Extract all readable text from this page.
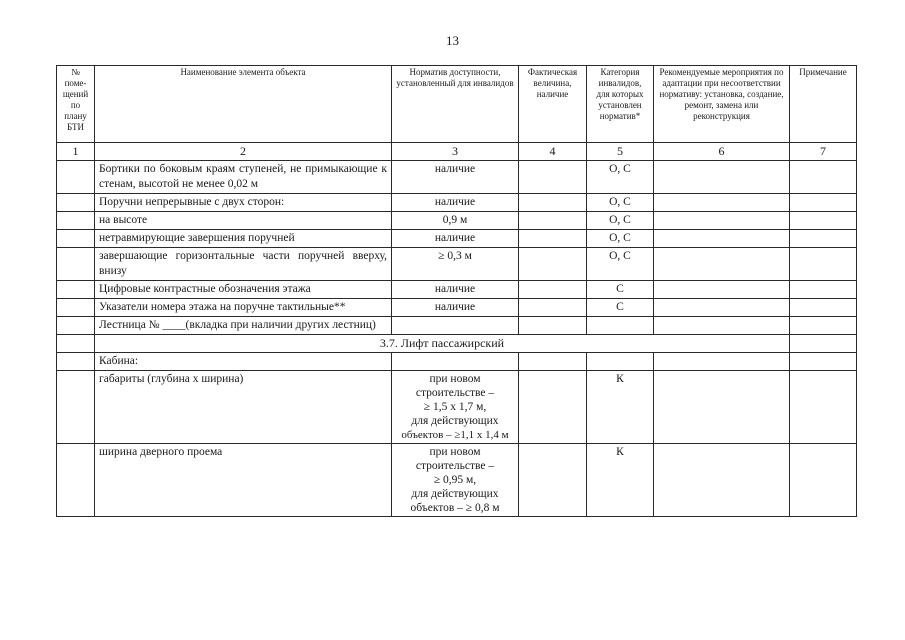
13
№ поме-щений по плану БТИ	Наименование элемента объекта	Норматив доступности, установленный для инвалидов	Фактическая величина, наличие	Категория инвалидов, для которых установлен норматив*	Рекомендуемые мероприятия по адаптации при несоответствии нормативу: установка, создание, ремонт, замена или реконструкция	Примечание
1	2	3	4	5	6	7
	Бортики по боковым краям ступеней, не примыкающие к стенам, высотой не менее 0,02 м	наличие		О, С		
	Поручни непрерывные с двух сторон:	наличие		О, С		
	на высоте	0,9 м		О, С		
	нетравмирующие завершения поручней	наличие		О, С		
	завершающие горизонтальные части поручней вверху, внизу	≥ 0,3 м		О, С		
	Цифровые контрастные обозначения этажа	наличие		С		
	Указатели номера этажа на поручне тактильные**	наличие		С		
	Лестница № ____(вкладка при наличии других лестниц)					
	3.7. Лифт пассажирский					
	Кабина:					
	габариты (глубина х ширина)	при новом
строительстве –
≥ 1,5 х 1,7 м,
для действующих
объектов – ≥1,1 х 1,4 м		К		
	ширина дверного проема	при новом
строительстве –
≥ 0,95 м,
для действующих
объектов – ≥ 0,8 м		К		
